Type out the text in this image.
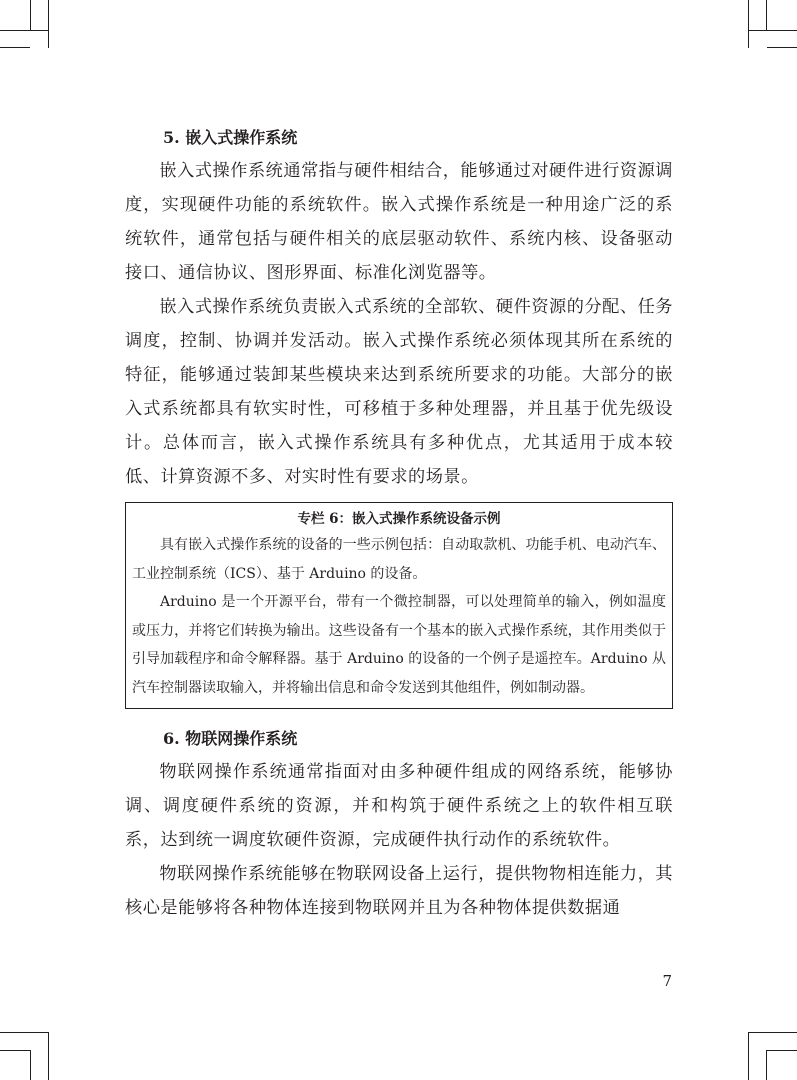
5. 嵌入式操作系统

嵌入式操作系统通常指与硬件相结合，能够通过对硬件进行资源调度，实现硬件功能的系统软件。嵌入式操作系统是一种用途广泛的系统软件，通常包括与硬件相关的底层驱动软件、系统内核、设备驱动接口、通信协议、图形界面、标准化浏览器等。

嵌入式操作系统负责嵌入式系统的全部软、硬件资源的分配、任务调度，控制、协调并发活动。嵌入式操作系统必须体现其所在系统的特征，能够通过装卸某些模块来达到系统所要求的功能。大部分的嵌入式系统都具有软实时性，可移植于多种处理器，并且基于优先级设计。总体而言，嵌入式操作系统具有多种优点，尤其适用于成本较低、计算资源不多、对实时性有要求的场景。

专栏 6：嵌入式操作系统设备示例

具有嵌入式操作系统的设备的一些示例包括：自动取款机、功能手机、电动汽车、工业控制系统（ICS）、基于 Arduino 的设备。

Arduino 是一个开源平台，带有一个微控制器，可以处理简单的输入，例如温度或压力，并将它们转换为输出。这些设备有一个基本的嵌入式操作系统，其作用类似于引导加载程序和命令解释器。基于 Arduino 的设备的一个例子是遥控车。Arduino 从汽车控制器读取输入，并将输出信息和命令发送到其他组件，例如制动器。

6. 物联网操作系统

物联网操作系统通常指面对由多种硬件组成的网络系统，能够协调、调度硬件系统的资源，并和构筑于硬件系统之上的软件相互联系，达到统一调度软硬件资源，完成硬件执行动作的系统软件。

物联网操作系统能够在物联网设备上运行，提供物物相连能力，其核心是能够将各种物体连接到物联网并且为各种物体提供数据通

7
